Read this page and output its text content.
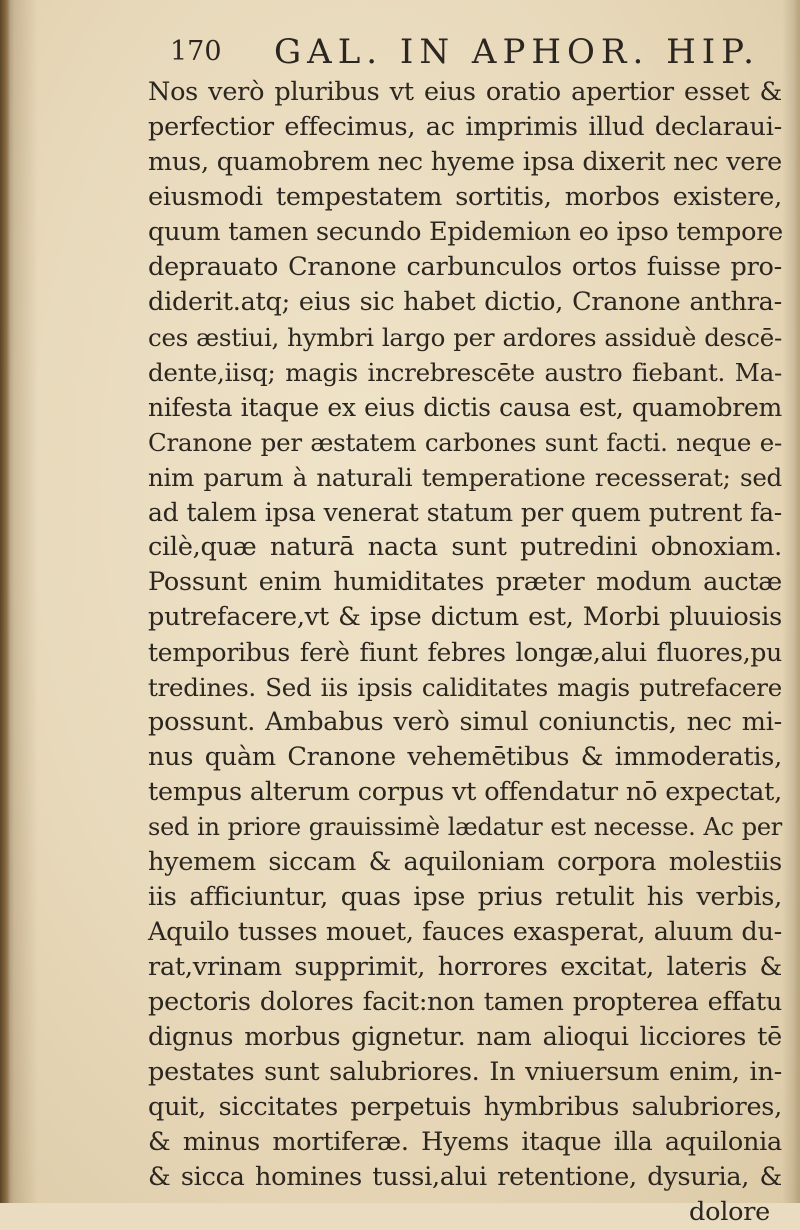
170 GAL. IN APHOR. HIP.
Nos verò pluribus vt eius oratio apertior esset &
perfectior effecimus, ac imprimis illud declaraui-
mus, quamobrem nec hyeme ipsa dixerit nec vere
eiusmodi tempestatem sortitis, morbos existere,
quum tamen secundo Epidemiωn eo ipso tempore
deprauato Cranone carbunculos ortos fuisse pro-
diderit.atq; eius sic habet dictio, Cranone anthra-
ces æstiui, hymbri largo per ardores assiduè descē-
dente,iisq; magis increbrescēte austro fiebant. Ma-
nifesta itaque ex eius dictis causa est, quamobrem
Cranone per æstatem carbones sunt facti. neque e-
nim parum à naturali temperatione recesserat; sed
ad talem ipsa venerat statum per quem putrent fa-
cilè,quæ naturā nacta sunt putredini obnoxiam.
Possunt enim humiditates præter modum auctæ
putrefacere,vt & ipse dictum est, Morbi pluuiosis
temporibus ferè fiunt febres longæ,alui fluores,pu
tredines. Sed iis ipsis caliditates magis putrefacere
possunt. Ambabus verò simul coniunctis, nec mi-
nus quàm Cranone vehemētibus & immoderatis,
tempus alterum corpus vt offendatur nō expectat,
sed in priore grauissimè lædatur est necesse. Ac per
hyemem siccam & aquiloniam corpora molestiis
iis afficiuntur, quas ipse prius retulit his verbis,
Aquilo tusses mouet, fauces exasperat, aluum du-
rat,vrinam supprimit, horrores excitat, lateris &
pectoris dolores facit:non tamen propterea effatu
dignus morbus gignetur. nam alioqui licciores tē
pestates sunt salubriores. In vniuersum enim, in-
quit, siccitates perpetuis hymbribus salubriores,
& minus mortiferæ. Hyems itaque illa aquilonia
& sicca homines tussi,alui retentione, dysuria, &
dolore
